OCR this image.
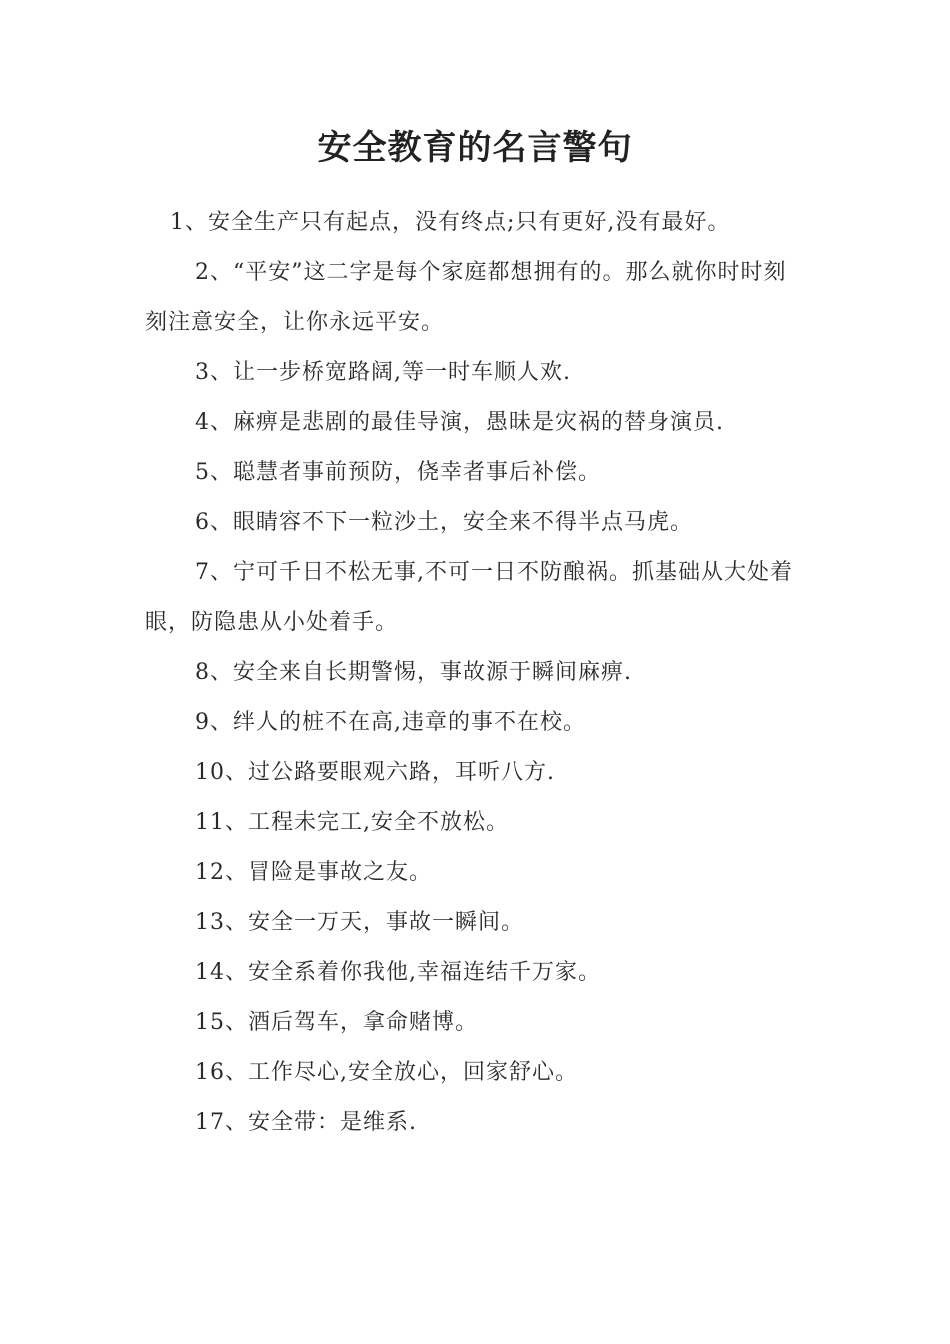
安全教育的名言警句

1、安全生产只有起点，没有终点;只有更好,没有最好。

2、“平安”这二字是每个家庭都想拥有的。那么就你时时刻刻注意安全，让你永远平安。

3、让一步桥宽路阔,等一时车顺人欢.

4、麻痹是悲剧的最佳导演，愚昧是灾祸的替身演员.

5、聪慧者事前预防，侥幸者事后补偿。

6、眼睛容不下一粒沙土，安全来不得半点马虎。

7、宁可千日不松无事,不可一日不防酿祸。抓基础从大处着眼，防隐患从小处着手。

8、安全来自长期警惕，事故源于瞬间麻痹.

9、绊人的桩不在高,违章的事不在校。

10、过公路要眼观六路，耳听八方.

11、工程未完工,安全不放松。

12、冒险是事故之友。

13、安全一万天，事故一瞬间。

14、安全系着你我他,幸福连结千万家。

15、酒后驾车，拿命赌博。

16、工作尽心,安全放心，回家舒心。

17、安全带：是维系.
